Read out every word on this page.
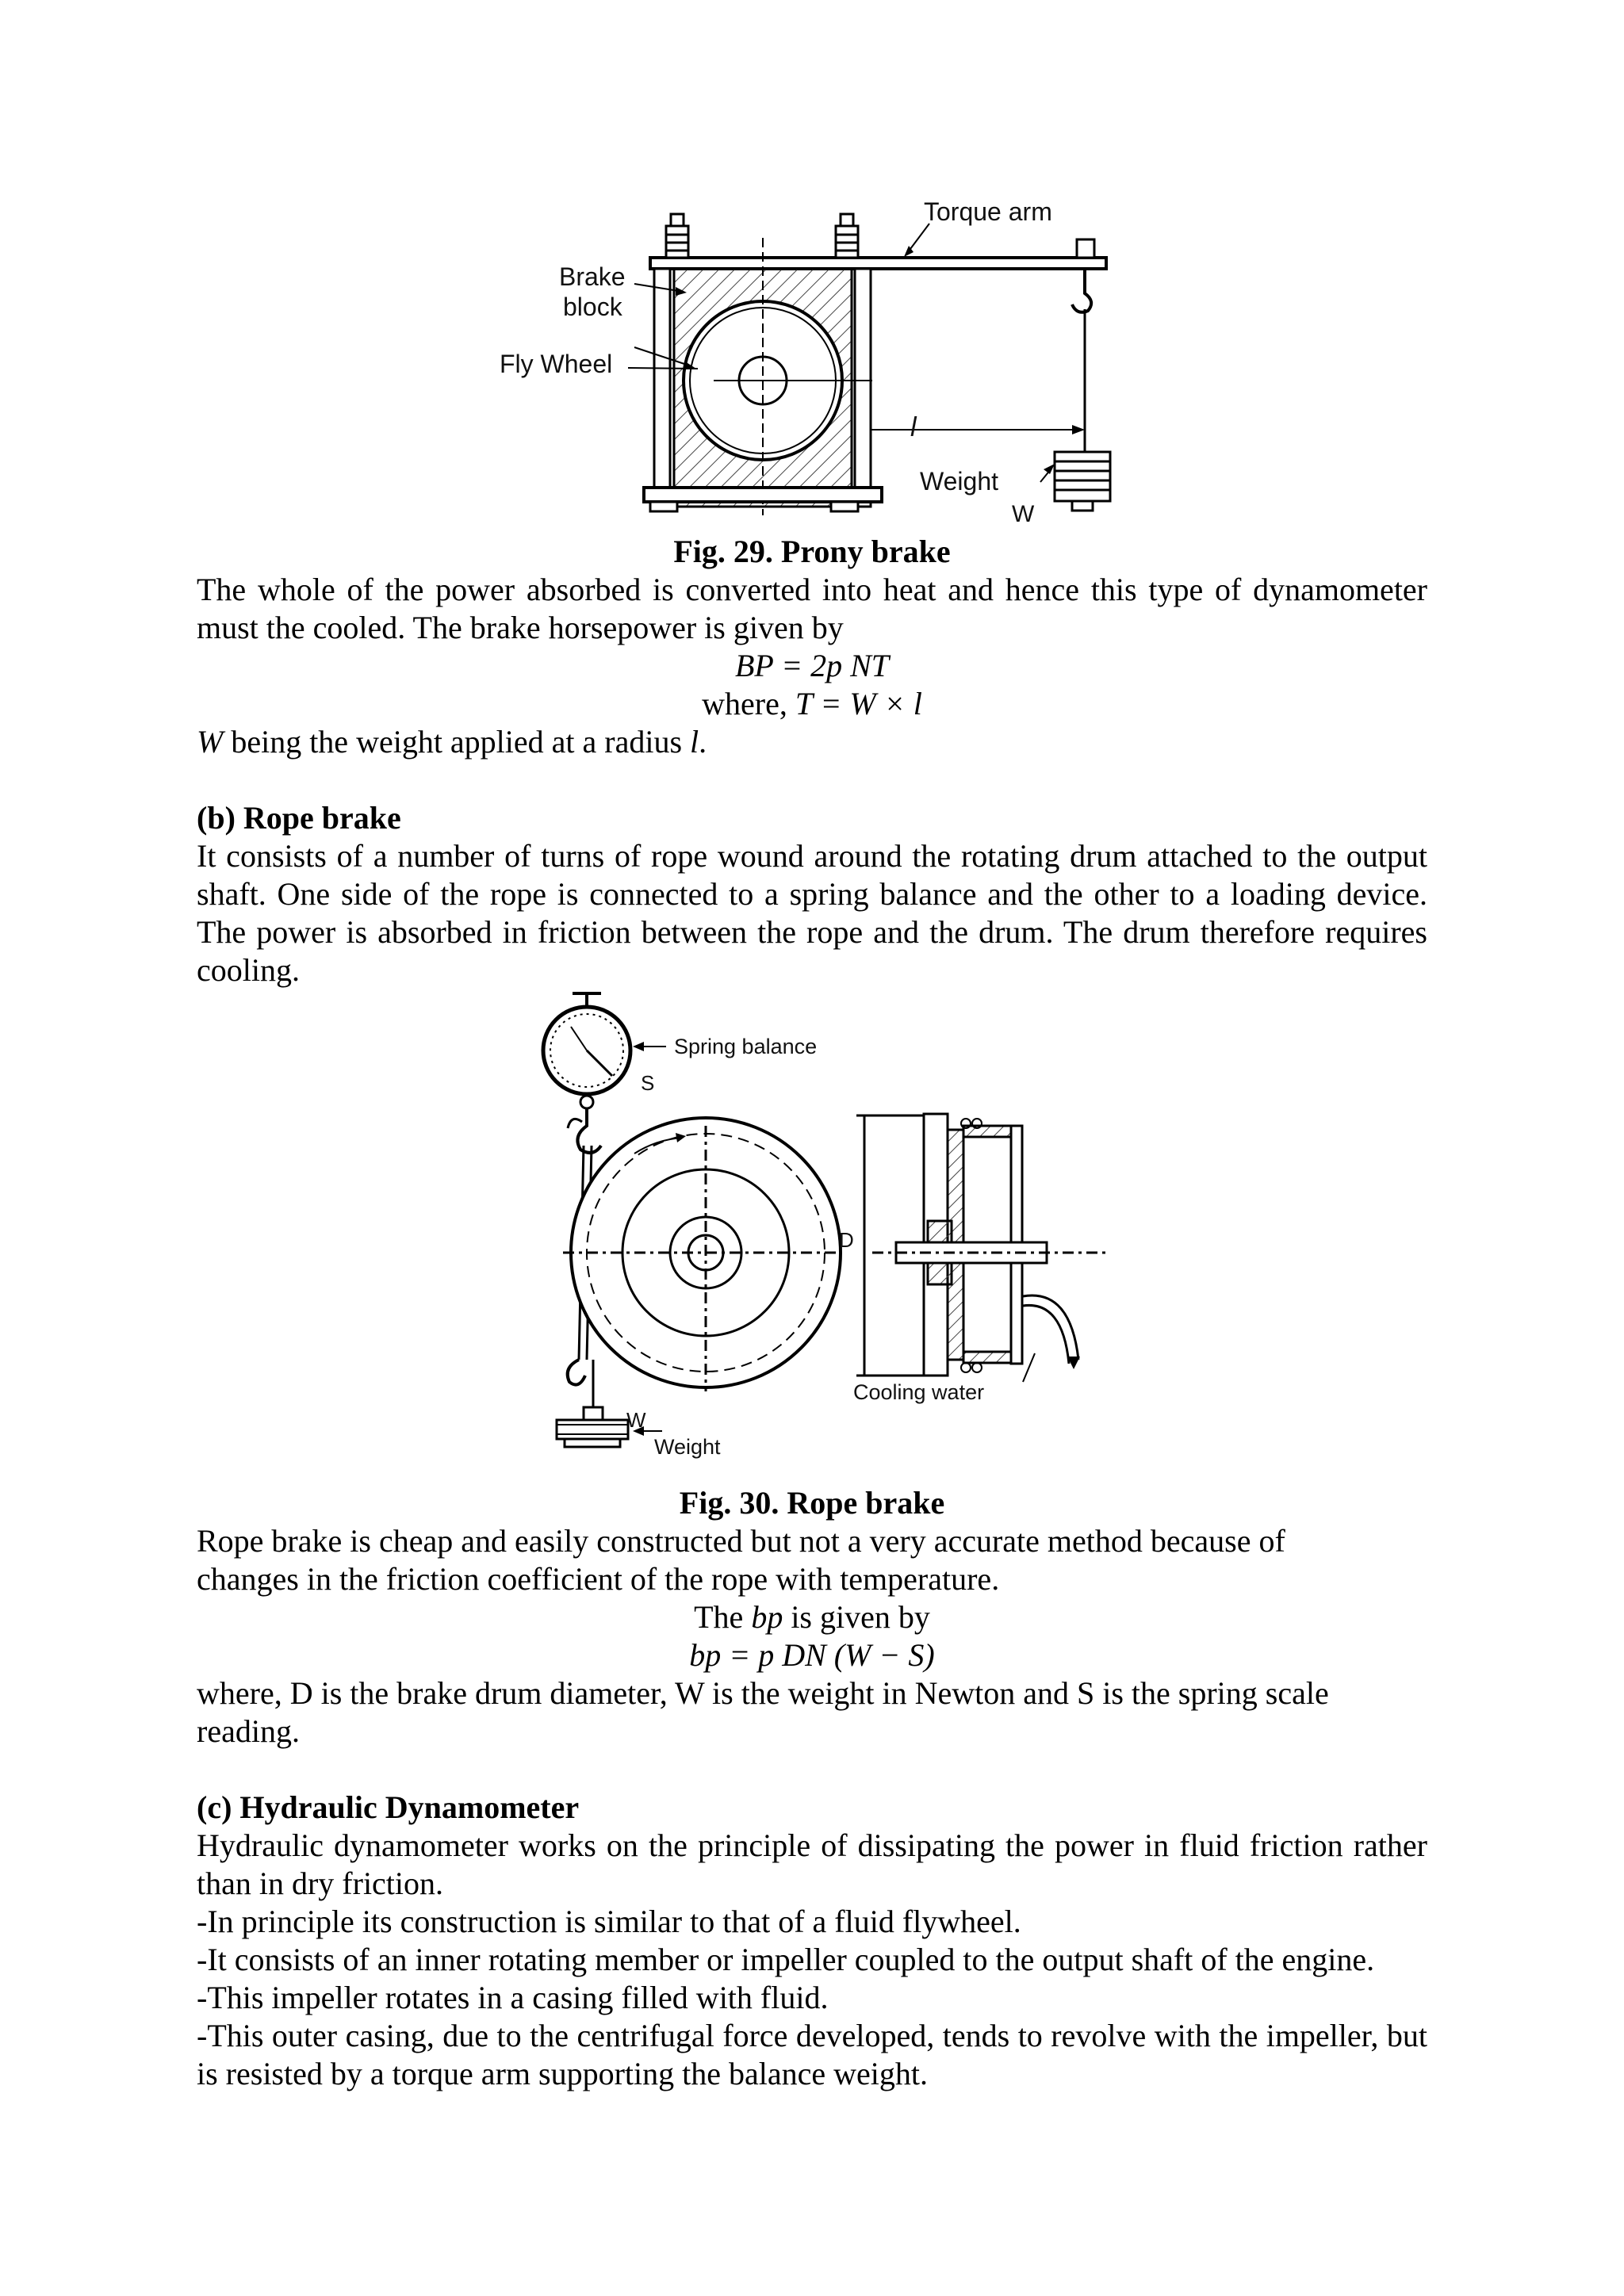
Torque arm
Brake
block
Fly Wheel
l
Weight
W
Fig. 29. Prony brake
The whole of the power absorbed is converted into heat and hence this type of dynamometer must the cooled. The brake horsepower is given by
BP = 2p NT
where, T = W × l
W being the weight applied at a radius l.
(b) Rope brake
It consists of a number of turns of rope wound around the rotating drum attached to the output shaft. One side of the rope is connected to a spring balance and the other to a loading device. The power is absorbed in friction between the rope and the drum. The drum therefore requires cooling.
Spring balance
S
D
Cooling water
W
Weight
Fig. 30. Rope brake
Rope brake is cheap and easily constructed but not a very accurate method because of
changes in the friction coefficient of the rope with temperature.
The bp is given by
bp = p DN (W − S)
where, D is the brake drum diameter, W is the weight in Newton and S is the spring scale
reading.
(c) Hydraulic Dynamometer
Hydraulic dynamometer works on the principle of dissipating the power in fluid friction rather than in dry friction.
-In principle its construction is similar to that of a fluid flywheel.
-It consists of an inner rotating member or impeller coupled to the output shaft of the engine.
-This impeller rotates in a casing filled with fluid.
-This outer casing, due to the centrifugal force developed, tends to revolve with the impeller, but is resisted by a torque arm supporting the balance weight.
